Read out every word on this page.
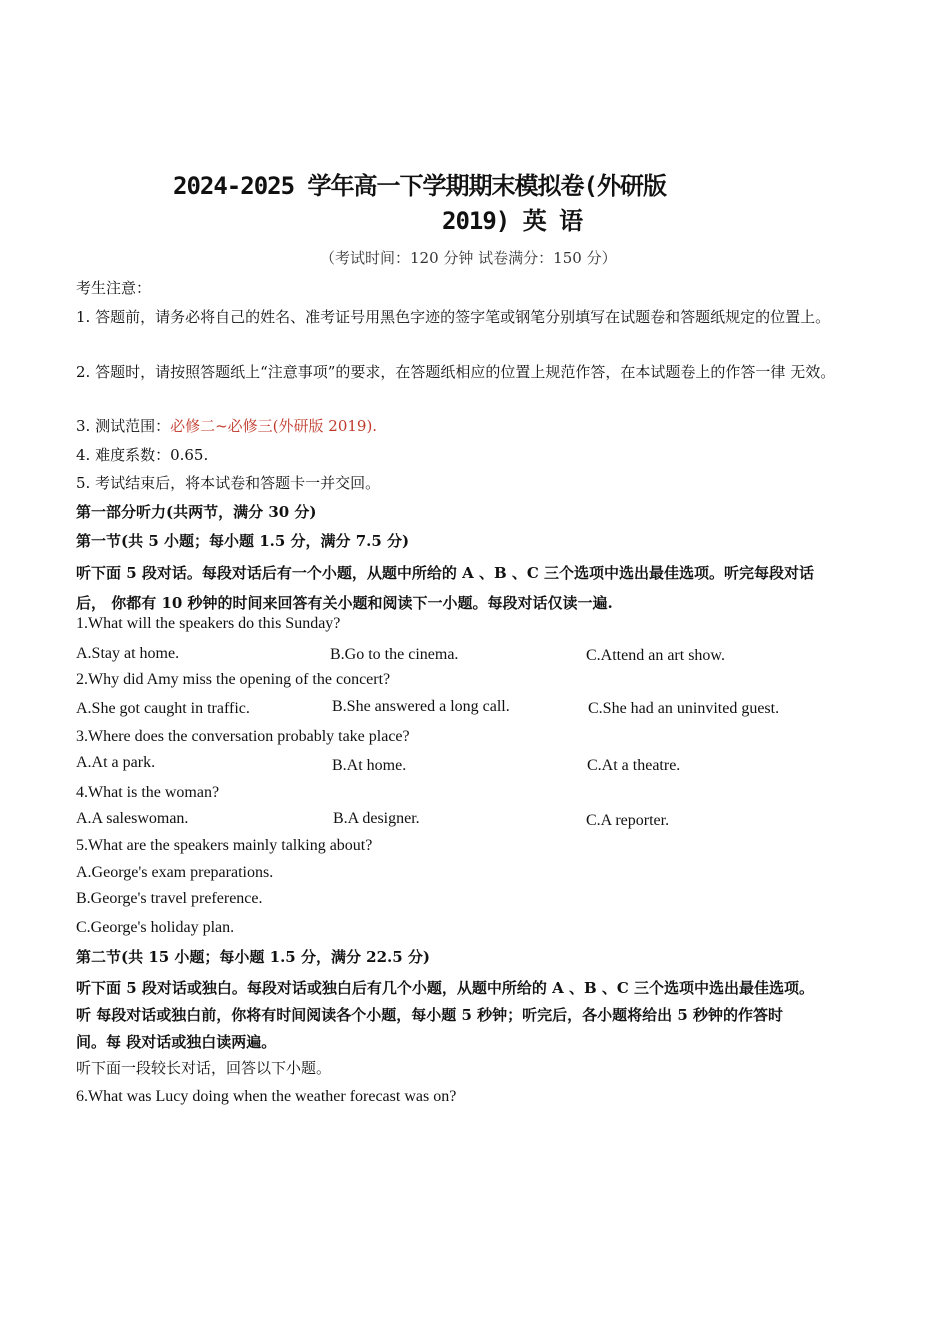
2024-2025 学年高一下学期期末模拟卷(外研版
2019) 英 语
（考试时间：120 分钟 试卷满分：150 分）
考生注意：
1. 答题前，请务必将自己的姓名、准考证号用黑色字迹的签字笔或钢笔分别填写在试题卷和答题纸规定的位置上。
2. 答题时，请按照答题纸上“注意事项”的要求，在答题纸相应的位置上规范作答，在本试题卷上的作答一律 无效。
3. 测试范围：必修二~必修三(外研版 2019).
4. 难度系数：0.65.
5. 考试结束后，将本试卷和答题卡一并交回。
第一部分听力(共两节，满分 30 分)
第一节(共 5 小题；每小题 1.5 分，满分 7.5 分)
听下面 5 段对话。每段对话后有一个小题，从题中所给的 A 、B 、C 三个选项中选出最佳选项。听完每段对话
后， 你都有 10 秒钟的时间来回答有关小题和阅读下一小题。每段对话仅读一遍.
1.What will the speakers do this Sunday?
A.Stay at home.	B.Go to the cinema.	C.Attend an art show.
2.Why did Amy miss the opening of the concert?
A.She got caught in traffic.	B.She answered a long call.	C.She had an uninvited guest.
3.Where does the conversation probably take place?
A.At a park.	B.At home.	C.At a theatre.
4.What is the woman?
A.A saleswoman.	B.A designer.	C.A reporter.
5.What are the speakers mainly talking about?
A.George's exam preparations.
B.George's travel preference.
C.George's holiday plan.
第二节(共 15 小题；每小题 1.5 分，满分 22.5 分)
听下面 5 段对话或独白。每段对话或独白后有几个小题，从题中所给的 A 、B 、C 三个选项中选出最佳选项。
听 每段对话或独白前，你将有时间阅读各个小题，每小题 5 秒钟；听完后，各小题将给出 5 秒钟的作答时
间。每 段对话或独白读两遍。
听下面一段较长对话，回答以下小题。
6.What was Lucy doing when the weather forecast was on?
